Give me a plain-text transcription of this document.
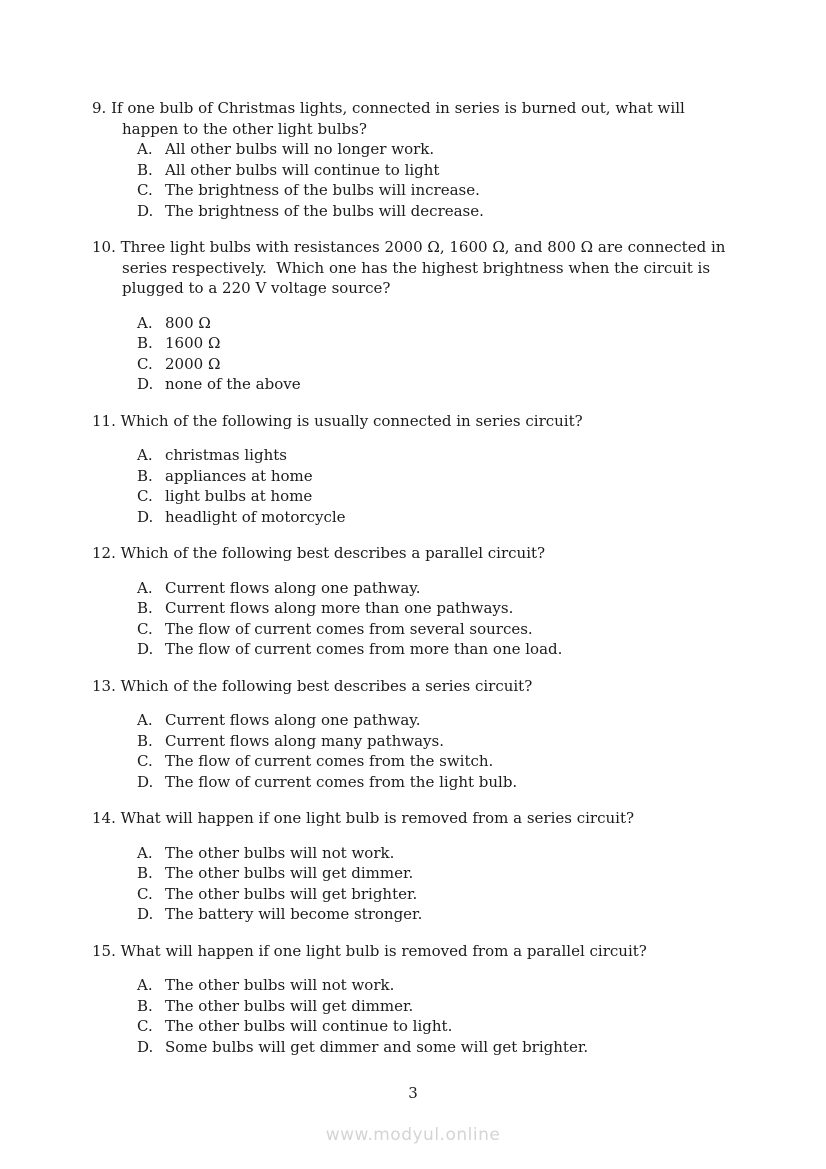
9. If one bulb of Christmas lights, connected in series is burned out, what will
happen to the other light bulbs?
A. All other bulbs will no longer work.
B. All other bulbs will continue to light
C. The brightness of the bulbs will increase.
D. The brightness of the bulbs will decrease.
10. Three light bulbs with resistances 2000 Ω, 1600 Ω, and 800 Ω are connected in
series respectively.  Which one has the highest brightness when the circuit is
plugged to a 220 V voltage source?
A. 800 Ω
B. 1600 Ω
C. 2000 Ω
D. none of the above
11. Which of the following is usually connected in series circuit?
A. christmas lights
B. appliances at home
C. light bulbs at home
D. headlight of motorcycle
12. Which of the following best describes a parallel circuit?
A. Current flows along one pathway.
B. Current flows along more than one pathways.
C. The flow of current comes from several sources.
D. The flow of current comes from more than one load.
13. Which of the following best describes a series circuit?
A. Current flows along one pathway.
B. Current flows along many pathways.
C. The flow of current comes from the switch.
D. The flow of current comes from the light bulb.
14. What will happen if one light bulb is removed from a series circuit?
A. The other bulbs will not work.
B. The other bulbs will get dimmer.
C. The other bulbs will get brighter.
D. The battery will become stronger.
15. What will happen if one light bulb is removed from a parallel circuit?
A. The other bulbs will not work.
B. The other bulbs will get dimmer.
C. The other bulbs will continue to light.
D. Some bulbs will get dimmer and some will get brighter.
3
www.modyul.online
